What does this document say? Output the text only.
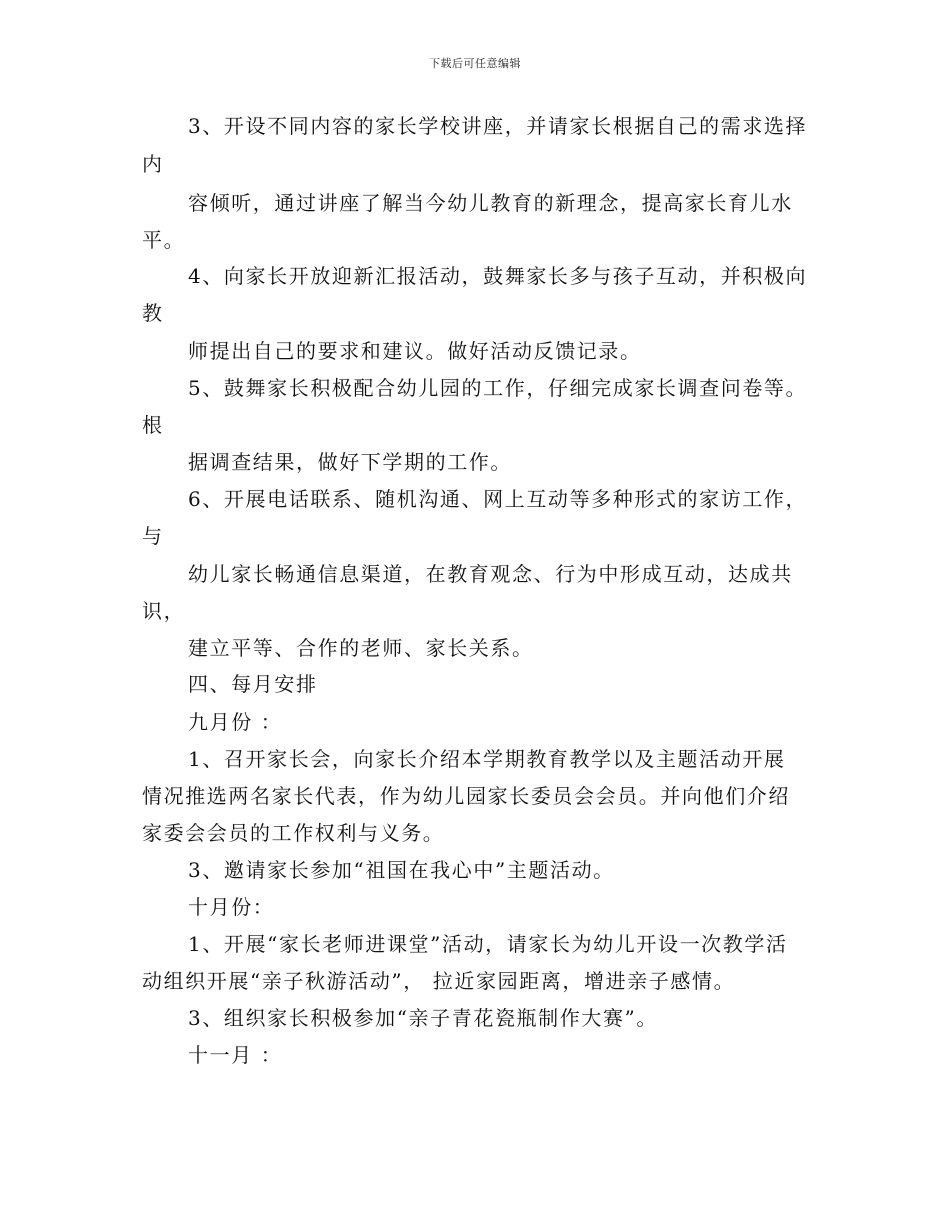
下载后可任意编辑
3、开设不同内容的家长学校讲座，并请家长根据自己的需求选择
内
容倾听，通过讲座了解当今幼儿教育的新理念，提高家长育儿水
平。
4、向家长开放迎新汇报活动，鼓舞家长多与孩子互动，并积极向
教
师提出自己的要求和建议。做好活动反馈记录。
5、鼓舞家长积极配合幼儿园的工作，仔细完成家长调查问卷等。
根
据调查结果，做好下学期的工作。
6、开展电话联系、随机沟通、网上互动等多种形式的家访工作，
与
幼儿家长畅通信息渠道，在教育观念、行为中形成互动，达成共
识，
建立平等、合作的老师、家长关系。
四、每月安排
九月份 ：
1、召开家长会，向家长介绍本学期教育教学以及主题活动开展
情况推选两名家长代表，作为幼儿园家长委员会会员。并向他们介绍
家委会会员的工作权利与义务。
3、邀请家长参加“祖国在我心中”主题活动。
十月份：
1、开展“家长老师进课堂”活动，请家长为幼儿开设一次教学活
动组织开展“亲子秋游活动”， 拉近家园距离，增进亲子感情。
3、组织家长积极参加“亲子青花瓷瓶制作大赛”。
十一月 ：
